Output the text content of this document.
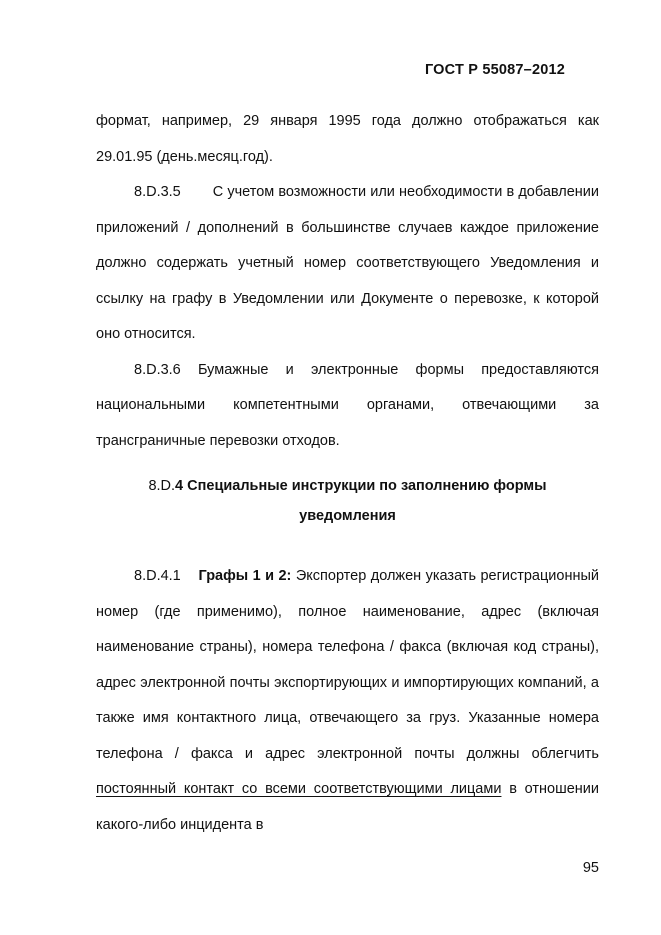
ГОСТ Р 55087–2012

формат, например, 29 января 1995 года должно отображаться как 29.01.95 (день.месяц.год).

8.D.3.5 С учетом возможности или необходимости в добавлении приложений / дополнений в большинстве случаев каждое приложение должно содержать учетный номер соответствующего Уведомления и ссылку на графу в Уведомлении или Документе о перевозке, к которой оно относится.

8.D.3.6 Бумажные и электронные формы предоставляются национальными компетентными органами, отвечающими за трансграничные перевозки отходов.

8.D.4 Специальные инструкции по заполнению формы
уведомления

8.D.4.1 Графы 1 и 2: Экспортер должен указать регистрационный номер (где применимо), полное наименование, адрес (включая наименование страны), номера телефона / факса (включая код страны), адрес электронной почты экспортирующих и импортирующих компаний, а также имя контактного лица, отвечающего за груз. Указанные номера телефона / факса и адрес электронной почты должны облегчить постоянный контакт со всеми соответствующими лицами в отношении какого-либо инцидента в

95
